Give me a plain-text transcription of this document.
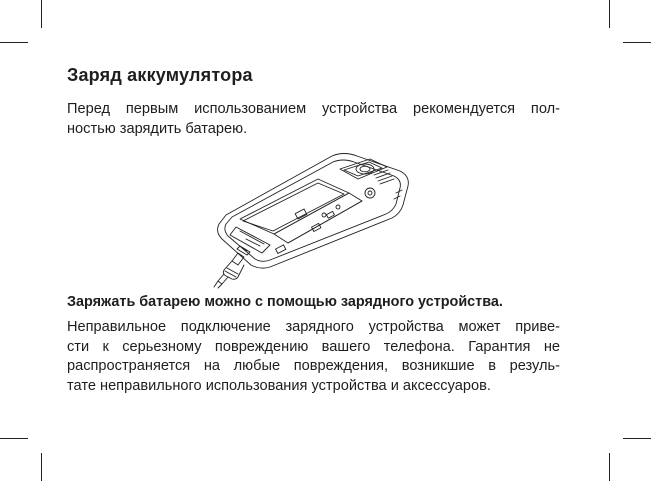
Заряд аккумулятора

Перед первым использованием устройства рекомендуется пол-
ностью зарядить батарею.

Заряжать батарею можно с помощью зарядного устройства.

Неправильное подключение зарядного устройства может приве-
сти к серьезному повреждению вашего телефона. Гарантия не
распространяется на любые повреждения, возникшие в резуль-
тате неправильного использования устройства и аксессуаров.
